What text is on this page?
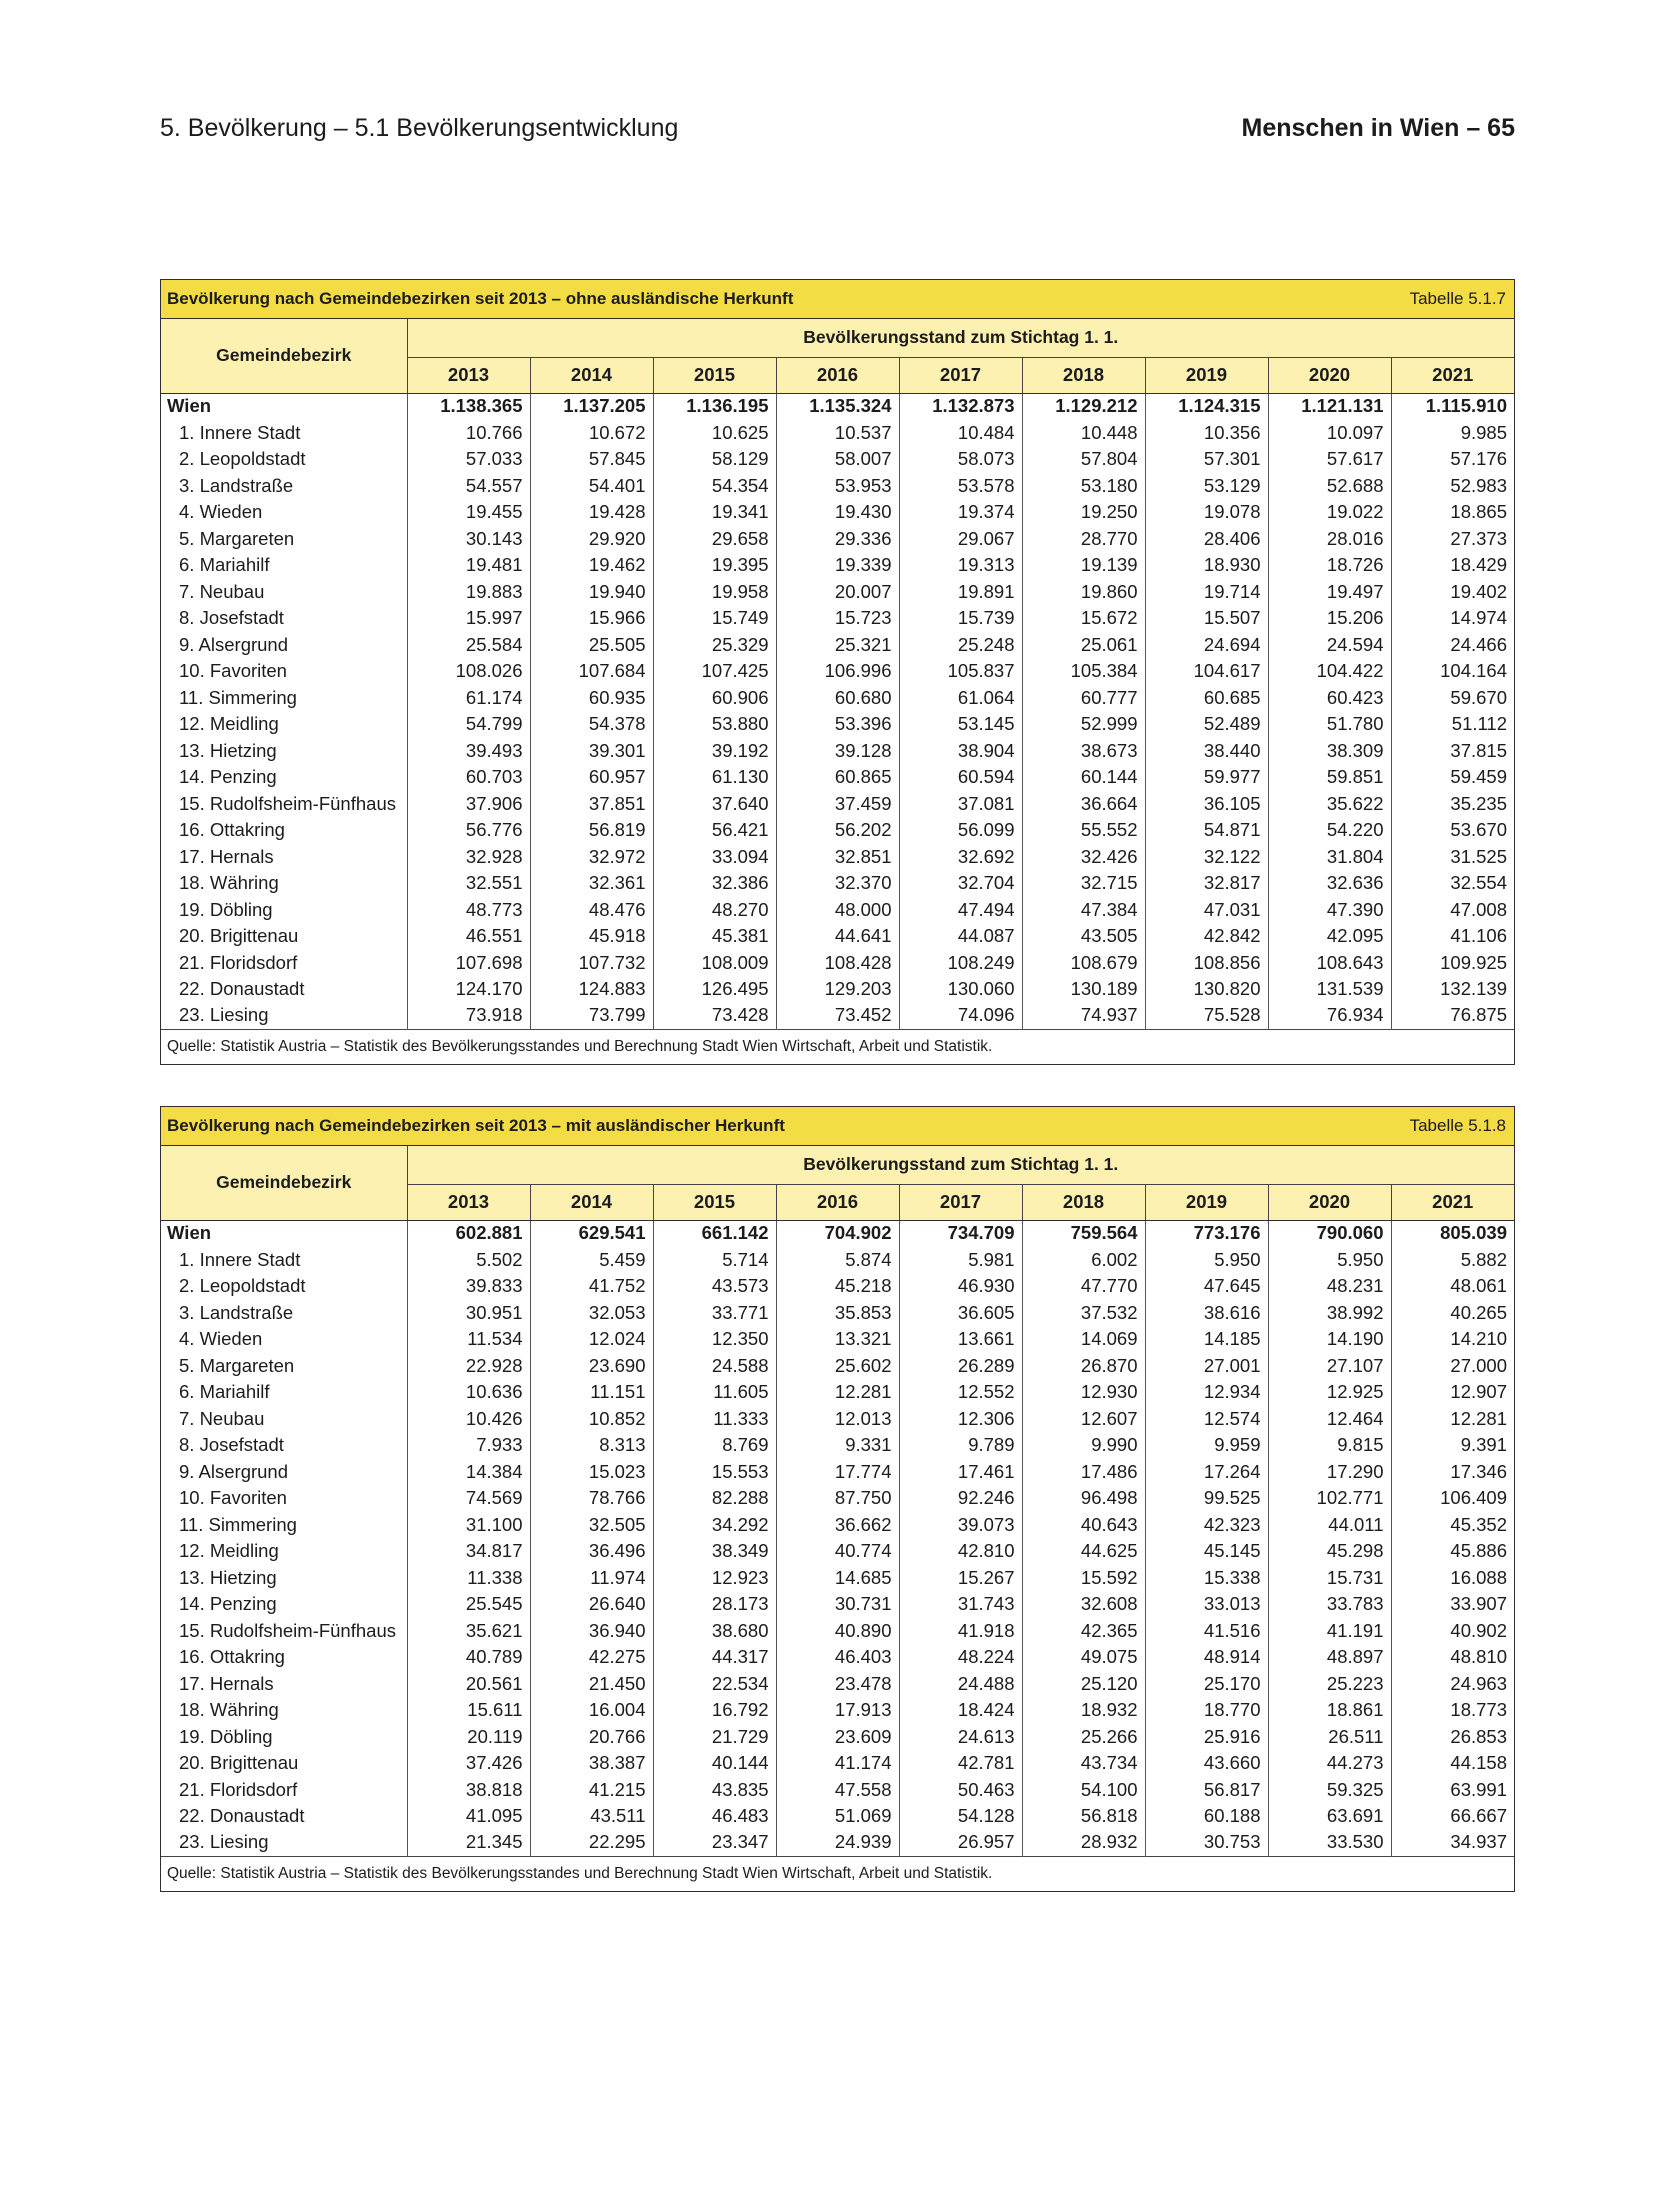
5. Bevölkerung – 5.1 Bevölkerungsentwicklung	Menschen in Wien – 65
Bevölkerung nach Gemeindebezirken seit 2013 – ohne ausländische Herkunft	Tabelle 5.1.7
Gemeindebezirk	Bevölkerungsstand zum Stichtag 1. 1.								
	2013	2014	2015	2016	2017	2018	2019	2020	2021
Wien	1.138.365	1.137.205	1.136.195	1.135.324	1.132.873	1.129.212	1.124.315	1.121.131	1.115.910
1. Innere Stadt	10.766	10.672	10.625	10.537	10.484	10.448	10.356	10.097	9.985
2. Leopoldstadt	57.033	57.845	58.129	58.007	58.073	57.804	57.301	57.617	57.176
3. Landstraße	54.557	54.401	54.354	53.953	53.578	53.180	53.129	52.688	52.983
4. Wieden	19.455	19.428	19.341	19.430	19.374	19.250	19.078	19.022	18.865
5. Margareten	30.143	29.920	29.658	29.336	29.067	28.770	28.406	28.016	27.373
6. Mariahilf	19.481	19.462	19.395	19.339	19.313	19.139	18.930	18.726	18.429
7. Neubau	19.883	19.940	19.958	20.007	19.891	19.860	19.714	19.497	19.402
8. Josefstadt	15.997	15.966	15.749	15.723	15.739	15.672	15.507	15.206	14.974
9. Alsergrund	25.584	25.505	25.329	25.321	25.248	25.061	24.694	24.594	24.466
10. Favoriten	108.026	107.684	107.425	106.996	105.837	105.384	104.617	104.422	104.164
11. Simmering	61.174	60.935	60.906	60.680	61.064	60.777	60.685	60.423	59.670
12. Meidling	54.799	54.378	53.880	53.396	53.145	52.999	52.489	51.780	51.112
13. Hietzing	39.493	39.301	39.192	39.128	38.904	38.673	38.440	38.309	37.815
14. Penzing	60.703	60.957	61.130	60.865	60.594	60.144	59.977	59.851	59.459
15. Rudolfsheim-Fünfhaus	37.906	37.851	37.640	37.459	37.081	36.664	36.105	35.622	35.235
16. Ottakring	56.776	56.819	56.421	56.202	56.099	55.552	54.871	54.220	53.670
17. Hernals	32.928	32.972	33.094	32.851	32.692	32.426	32.122	31.804	31.525
18. Währing	32.551	32.361	32.386	32.370	32.704	32.715	32.817	32.636	32.554
19. Döbling	48.773	48.476	48.270	48.000	47.494	47.384	47.031	47.390	47.008
20. Brigittenau	46.551	45.918	45.381	44.641	44.087	43.505	42.842	42.095	41.106
21. Floridsdorf	107.698	107.732	108.009	108.428	108.249	108.679	108.856	108.643	109.925
22. Donaustadt	124.170	124.883	126.495	129.203	130.060	130.189	130.820	131.539	132.139
23. Liesing	73.918	73.799	73.428	73.452	74.096	74.937	75.528	76.934	76.875
Quelle: Statistik Austria – Statistik des Bevölkerungsstandes und Berechnung Stadt Wien Wirtschaft, Arbeit und Statistik.									
Bevölkerung nach Gemeindebezirken seit 2013 – mit ausländischer Herkunft	Tabelle 5.1.8
Gemeindebezirk	Bevölkerungsstand zum Stichtag 1. 1.								
	2013	2014	2015	2016	2017	2018	2019	2020	2021
Wien	602.881	629.541	661.142	704.902	734.709	759.564	773.176	790.060	805.039
1. Innere Stadt	5.502	5.459	5.714	5.874	5.981	6.002	5.950	5.950	5.882
2. Leopoldstadt	39.833	41.752	43.573	45.218	46.930	47.770	47.645	48.231	48.061
3. Landstraße	30.951	32.053	33.771	35.853	36.605	37.532	38.616	38.992	40.265
4. Wieden	11.534	12.024	12.350	13.321	13.661	14.069	14.185	14.190	14.210
5. Margareten	22.928	23.690	24.588	25.602	26.289	26.870	27.001	27.107	27.000
6. Mariahilf	10.636	11.151	11.605	12.281	12.552	12.930	12.934	12.925	12.907
7. Neubau	10.426	10.852	11.333	12.013	12.306	12.607	12.574	12.464	12.281
8. Josefstadt	7.933	8.313	8.769	9.331	9.789	9.990	9.959	9.815	9.391
9. Alsergrund	14.384	15.023	15.553	17.774	17.461	17.486	17.264	17.290	17.346
10. Favoriten	74.569	78.766	82.288	87.750	92.246	96.498	99.525	102.771	106.409
11. Simmering	31.100	32.505	34.292	36.662	39.073	40.643	42.323	44.011	45.352
12. Meidling	34.817	36.496	38.349	40.774	42.810	44.625	45.145	45.298	45.886
13. Hietzing	11.338	11.974	12.923	14.685	15.267	15.592	15.338	15.731	16.088
14. Penzing	25.545	26.640	28.173	30.731	31.743	32.608	33.013	33.783	33.907
15. Rudolfsheim-Fünfhaus	35.621	36.940	38.680	40.890	41.918	42.365	41.516	41.191	40.902
16. Ottakring	40.789	42.275	44.317	46.403	48.224	49.075	48.914	48.897	48.810
17. Hernals	20.561	21.450	22.534	23.478	24.488	25.120	25.170	25.223	24.963
18. Währing	15.611	16.004	16.792	17.913	18.424	18.932	18.770	18.861	18.773
19. Döbling	20.119	20.766	21.729	23.609	24.613	25.266	25.916	26.511	26.853
20. Brigittenau	37.426	38.387	40.144	41.174	42.781	43.734	43.660	44.273	44.158
21. Floridsdorf	38.818	41.215	43.835	47.558	50.463	54.100	56.817	59.325	63.991
22. Donaustadt	41.095	43.511	46.483	51.069	54.128	56.818	60.188	63.691	66.667
23. Liesing	21.345	22.295	23.347	24.939	26.957	28.932	30.753	33.530	34.937
Quelle: Statistik Austria – Statistik des Bevölkerungsstandes und Berechnung Stadt Wien Wirtschaft, Arbeit und Statistik.									
